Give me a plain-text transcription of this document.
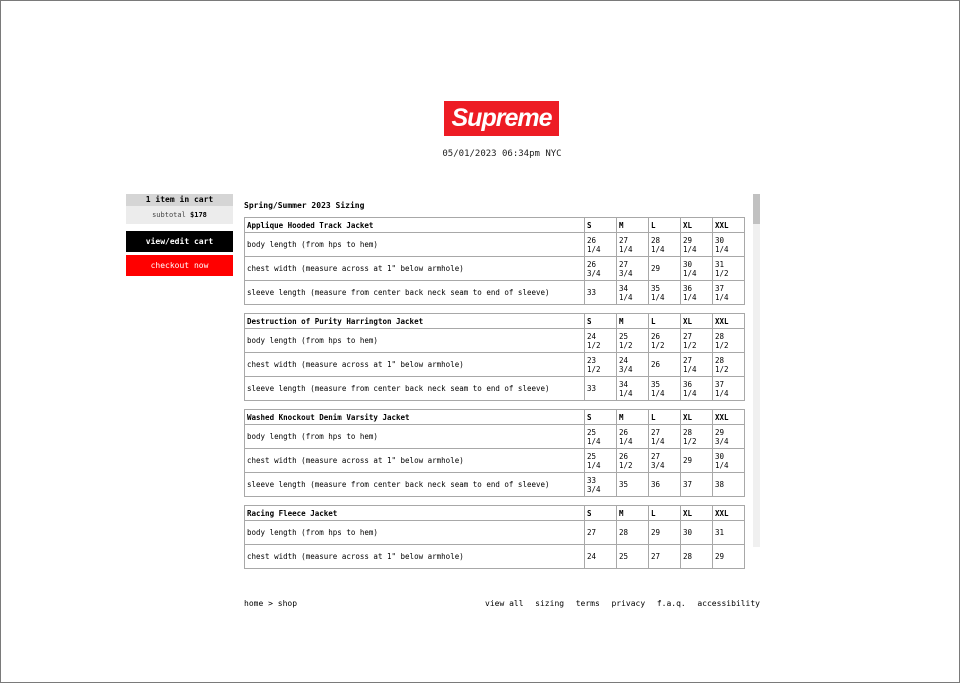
Supreme
05/01/2023 06:34pm NYC
1 item in cart
subtotal $178
view/edit cart
checkout now
Spring/Summer 2023 Sizing
Applique Hooded Track Jacket	S	M	L	XL	XXL
body length (from hps to hem)	26 1/4	27 1/4	28 1/4	29 1/4	30 1/4
chest width (measure across at 1" below armhole)	26 3/4	27 3/4	29	30 1/4	31 1/2
sleeve length (measure from center back neck seam to end of sleeve)	33	34 1/4	35 1/4	36 1/4	37 1/4
Destruction of Purity Harrington Jacket	S	M	L	XL	XXL
body length (from hps to hem)	24 1/2	25 1/2	26 1/2	27 1/2	28 1/2
chest width (measure across at 1" below armhole)	23 1/2	24 3/4	26	27 1/4	28 1/2
sleeve length (measure from center back neck seam to end of sleeve)	33	34 1/4	35 1/4	36 1/4	37 1/4
Washed Knockout Denim Varsity Jacket	S	M	L	XL	XXL
body length (from hps to hem)	25 1/4	26 1/4	27 1/4	28 1/2	29 3/4
chest width (measure across at 1" below armhole)	25 1/4	26 1/2	27 3/4	29	30 1/4
sleeve length (measure from center back neck seam to end of sleeve)	33 3/4	35	36	37	38
Racing Fleece Jacket	S	M	L	XL	XXL
body length (from hps to hem)	27	28	29	30	31
chest width (measure across at 1" below armhole)	24	25	27	28	29
home > shop	view all sizing terms privacy f.a.q. accessibility
